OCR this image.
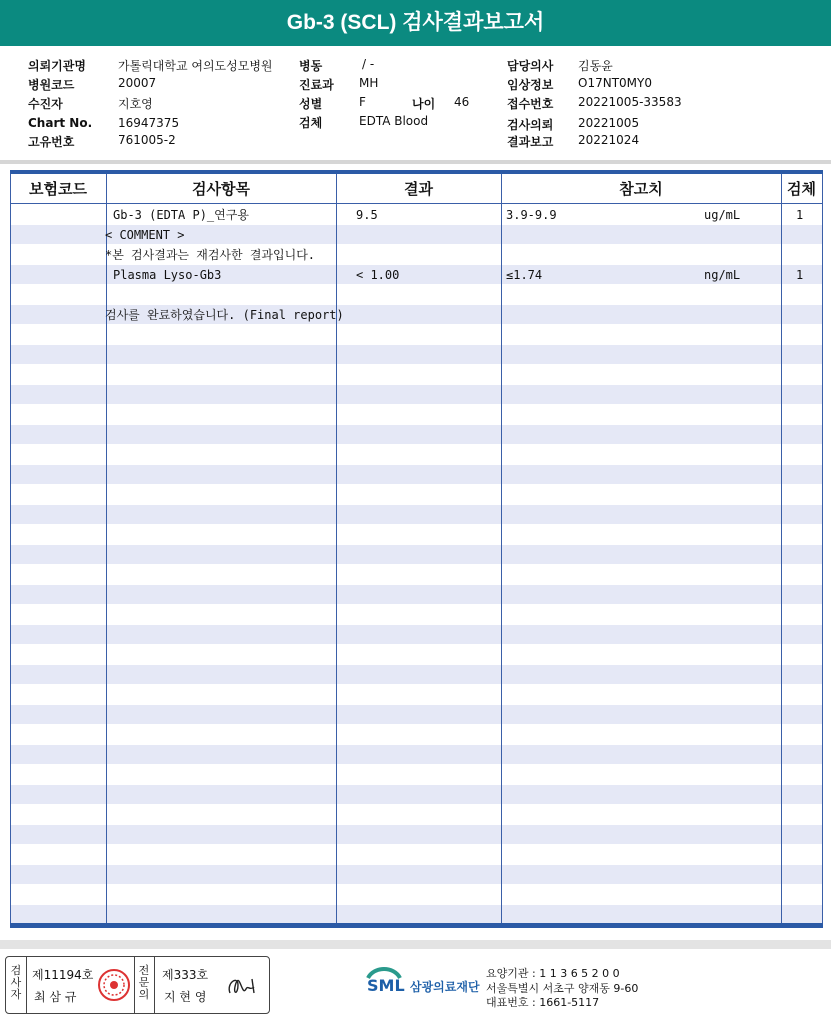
Gb-3 (SCL) 검사결과보고서
의뢰기관명	가톨릭대학교 여의도성모병원
병원코드	20007
수진자	지호영
Chart No. 16947375
고유번호	761005-2
병동	/ -
진료과 MH
성별	F	나이 46
검체	EDTA Blood
담당의사 김동윤
임상정보 O17NT0MY0
접수번호 20221005-33583
검사의뢰 20221005
결과보고 20221024
보험코드	검사항목	결과	참고치	검체
Gb-3 (EDTA P)_연구용	9.5	3.9-9.9	ug/mL	1
< COMMENT >
*본 검사결과는 재검사한 결과입니다.
Plasma Lyso-Gb3	< 1.00	≤1.74	ng/mL	1
검사를 완료하였습니다. (Final report)
검사자
제11194호
최 삼 규
전문의
제333호
지 현 영
SML 삼광의료재단
요양기관 : 1 1 3 6 5 2 0 0
서울특별시 서초구 양재동 9-60
대표번호 : 1661-5117
